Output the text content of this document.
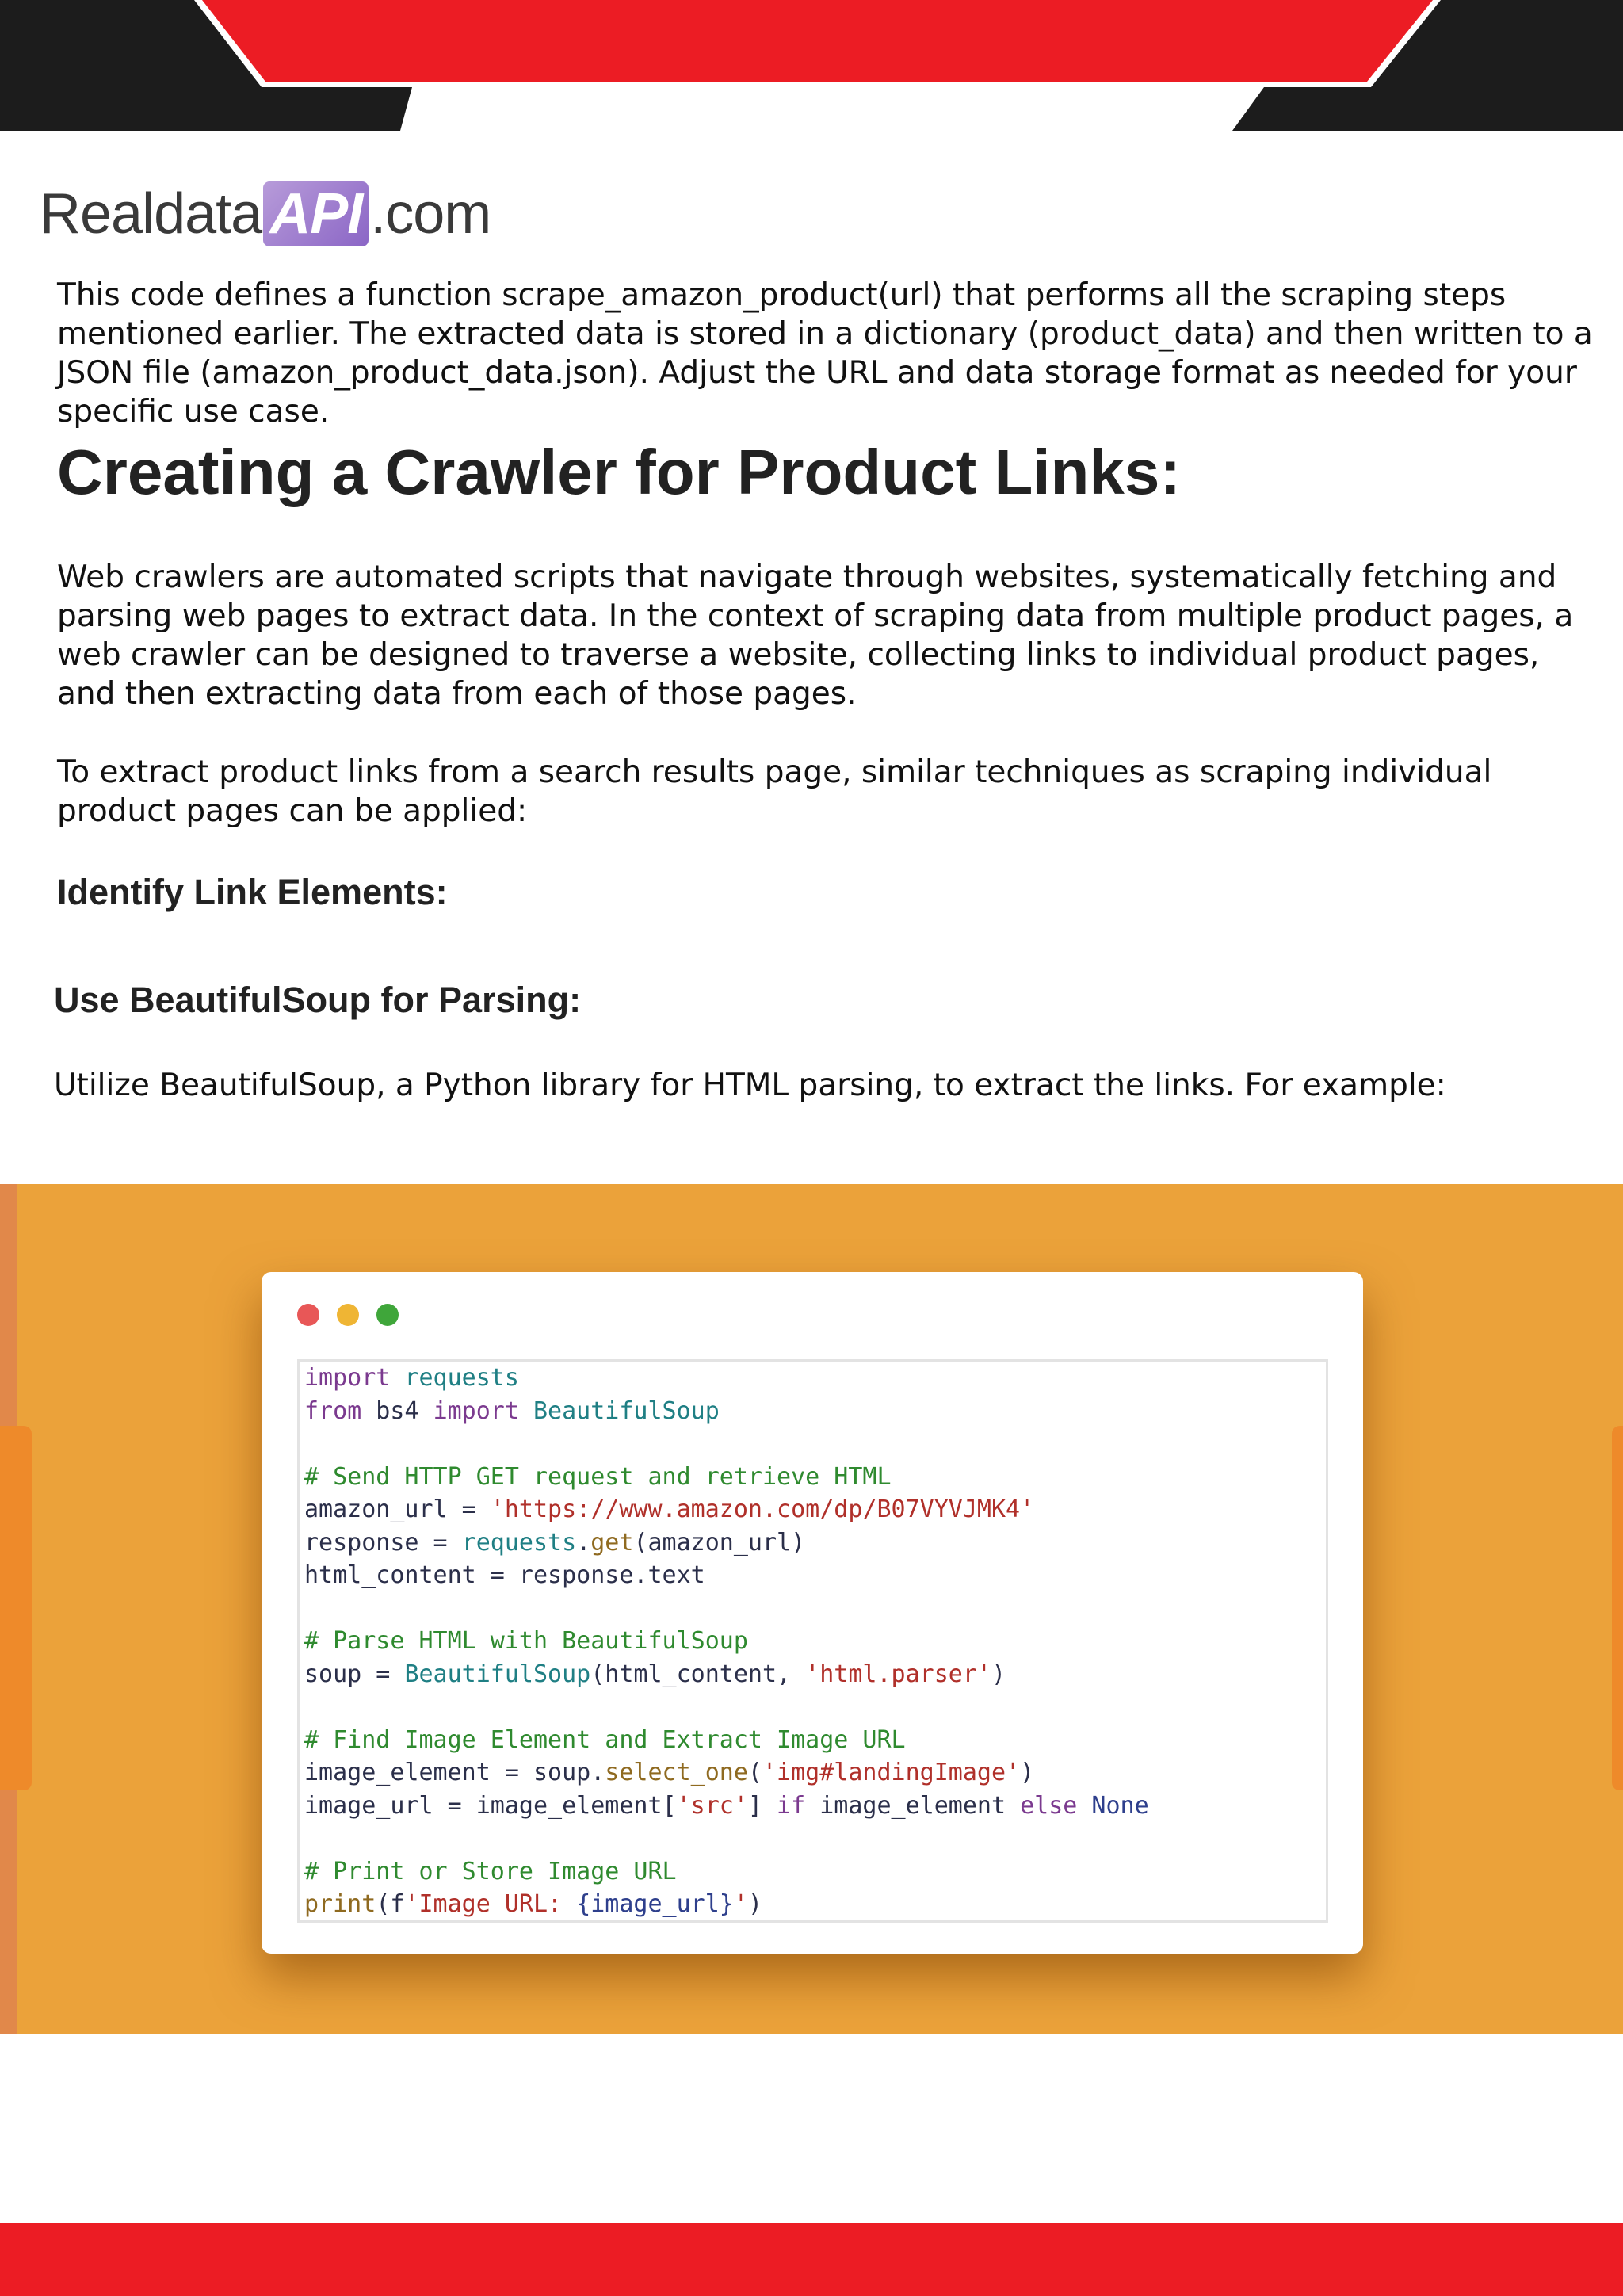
Realdata API .com
This code defines a function scrape_amazon_product(url) that performs all the scraping steps mentioned earlier. The extracted data is stored in a dictionary (product_data) and then written to a JSON file (amazon_product_data.json). Adjust the URL and data storage format as needed for your specific use case.
Creating a Crawler for Product Links:
Web crawlers are automated scripts that navigate through websites, systematically fetching and parsing web pages to extract data. In the context of scraping data from multiple product pages, a web crawler can be designed to traverse a website, collecting links to individual product pages, and then extracting data from each of those pages.
To extract product links from a search results page, similar techniques as scraping individual product pages can be applied:
Identify Link Elements:
Use BeautifulSoup for Parsing:
Utilize BeautifulSoup, a Python library for HTML parsing, to extract the links. For example:
import requests
from bs4 import BeautifulSoup

# Send HTTP GET request and retrieve HTML
amazon_url = 'https://www.amazon.com/dp/B07VYVJMK4'
response = requests.get(amazon_url)
html_content = response.text

# Parse HTML with BeautifulSoup
soup = BeautifulSoup(html_content, 'html.parser')

# Find Image Element and Extract Image URL
image_element = soup.select_one('img#landingImage')
image_url = image_element['src'] if image_element else None

# Print or Store Image URL
print(f'Image URL: {image_url}')
